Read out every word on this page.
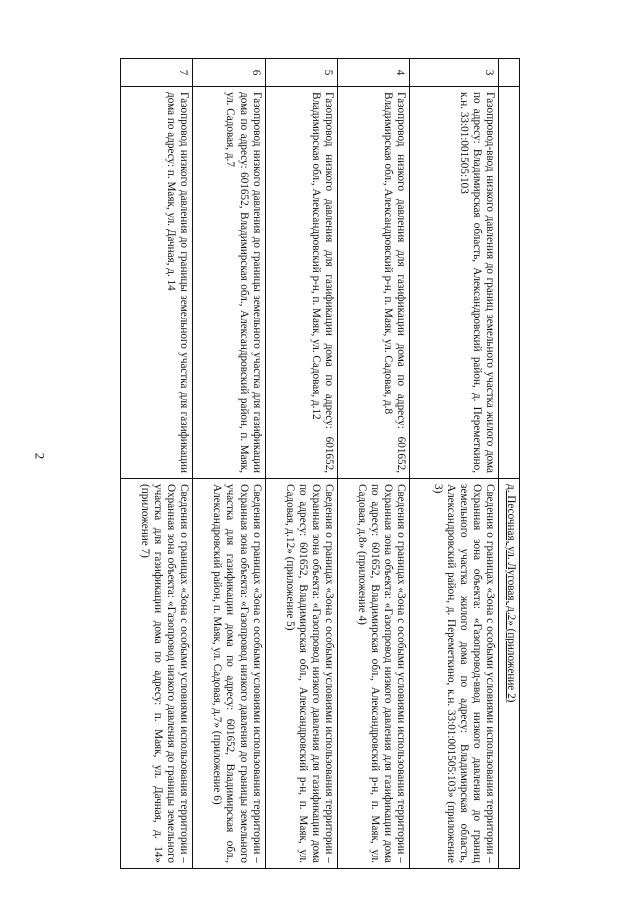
2
		д. Песочная, ул. Луговая, д.2» (приложение 2)
3	Газопровод-ввод низкого давления до границ земельного участка жилого дома по адресу: Владимирская область, Александровский район, д. Переметкино, к.н. 33:01:001505:103	Сведения о границах «Зона с особыми условиями использования территории – Охранная зона объекта: «Газопровод-ввод низкого давления до границ земельного участка жилого дома по адресу: Владимирская область, Александровский район, д. Переметкино, к.н. 33:01:001505:103» (приложение 3)
4	Газопровод низкого давления для газификации дома по адресу: 601652, Владимирская обл., Александровский р-н, п. Маяк, ул. Садовая, д.8	Сведения о границах «Зона с особыми условиями использования территории – Охранная зона объекта: «Газопровод низкого давления для газификации дома по адресу: 601652, Владимирская обл., Александровский р-н, п. Маяк, ул. Садовая, д.8» (приложение 4)
5	Газопровод низкого давления для газификации дома по адресу: 601652, Владимирская обл., Александровский р-н, п. Маяк, ул. Садовая, д.12	Сведения о границах «Зона с особыми условиями использования территории – Охранная зона объекта: «Газопровод низкого давления для газификации дома по адресу: 601652, Владимирская обл., Александровский р-н, п. Маяк, ул. Садовая, д.12» (приложение 5)
6	Газопровод низкого давления до границы земельного участка для газификации дома по адресу: 601652, Владимирская обл., Александровский район, п. Маяк, ул. Садовая, д.7	Сведения о границах «Зона с особыми условиями использования территории – Охранная зона объекта: «Газопровод низкого давления до границы земельного участка для газификации дома по адресу: 601652, Владимирская обл., Александровский район, п. Маяк, ул. Садовая, д.7» (приложение 6)
7	Газопровод низкого давления до границы земельного участка для газификации дома по адресу: п. Маяк, ул. Дачная, д. 14	Сведения о границах «Зона с особыми условиями использования территории – Охранная зона объекта: «Газопровод низкого давления до границы земельного участка для газификации дома по адресу: п. Маяк, ул. Дачная, д. 14» (приложение 7)
